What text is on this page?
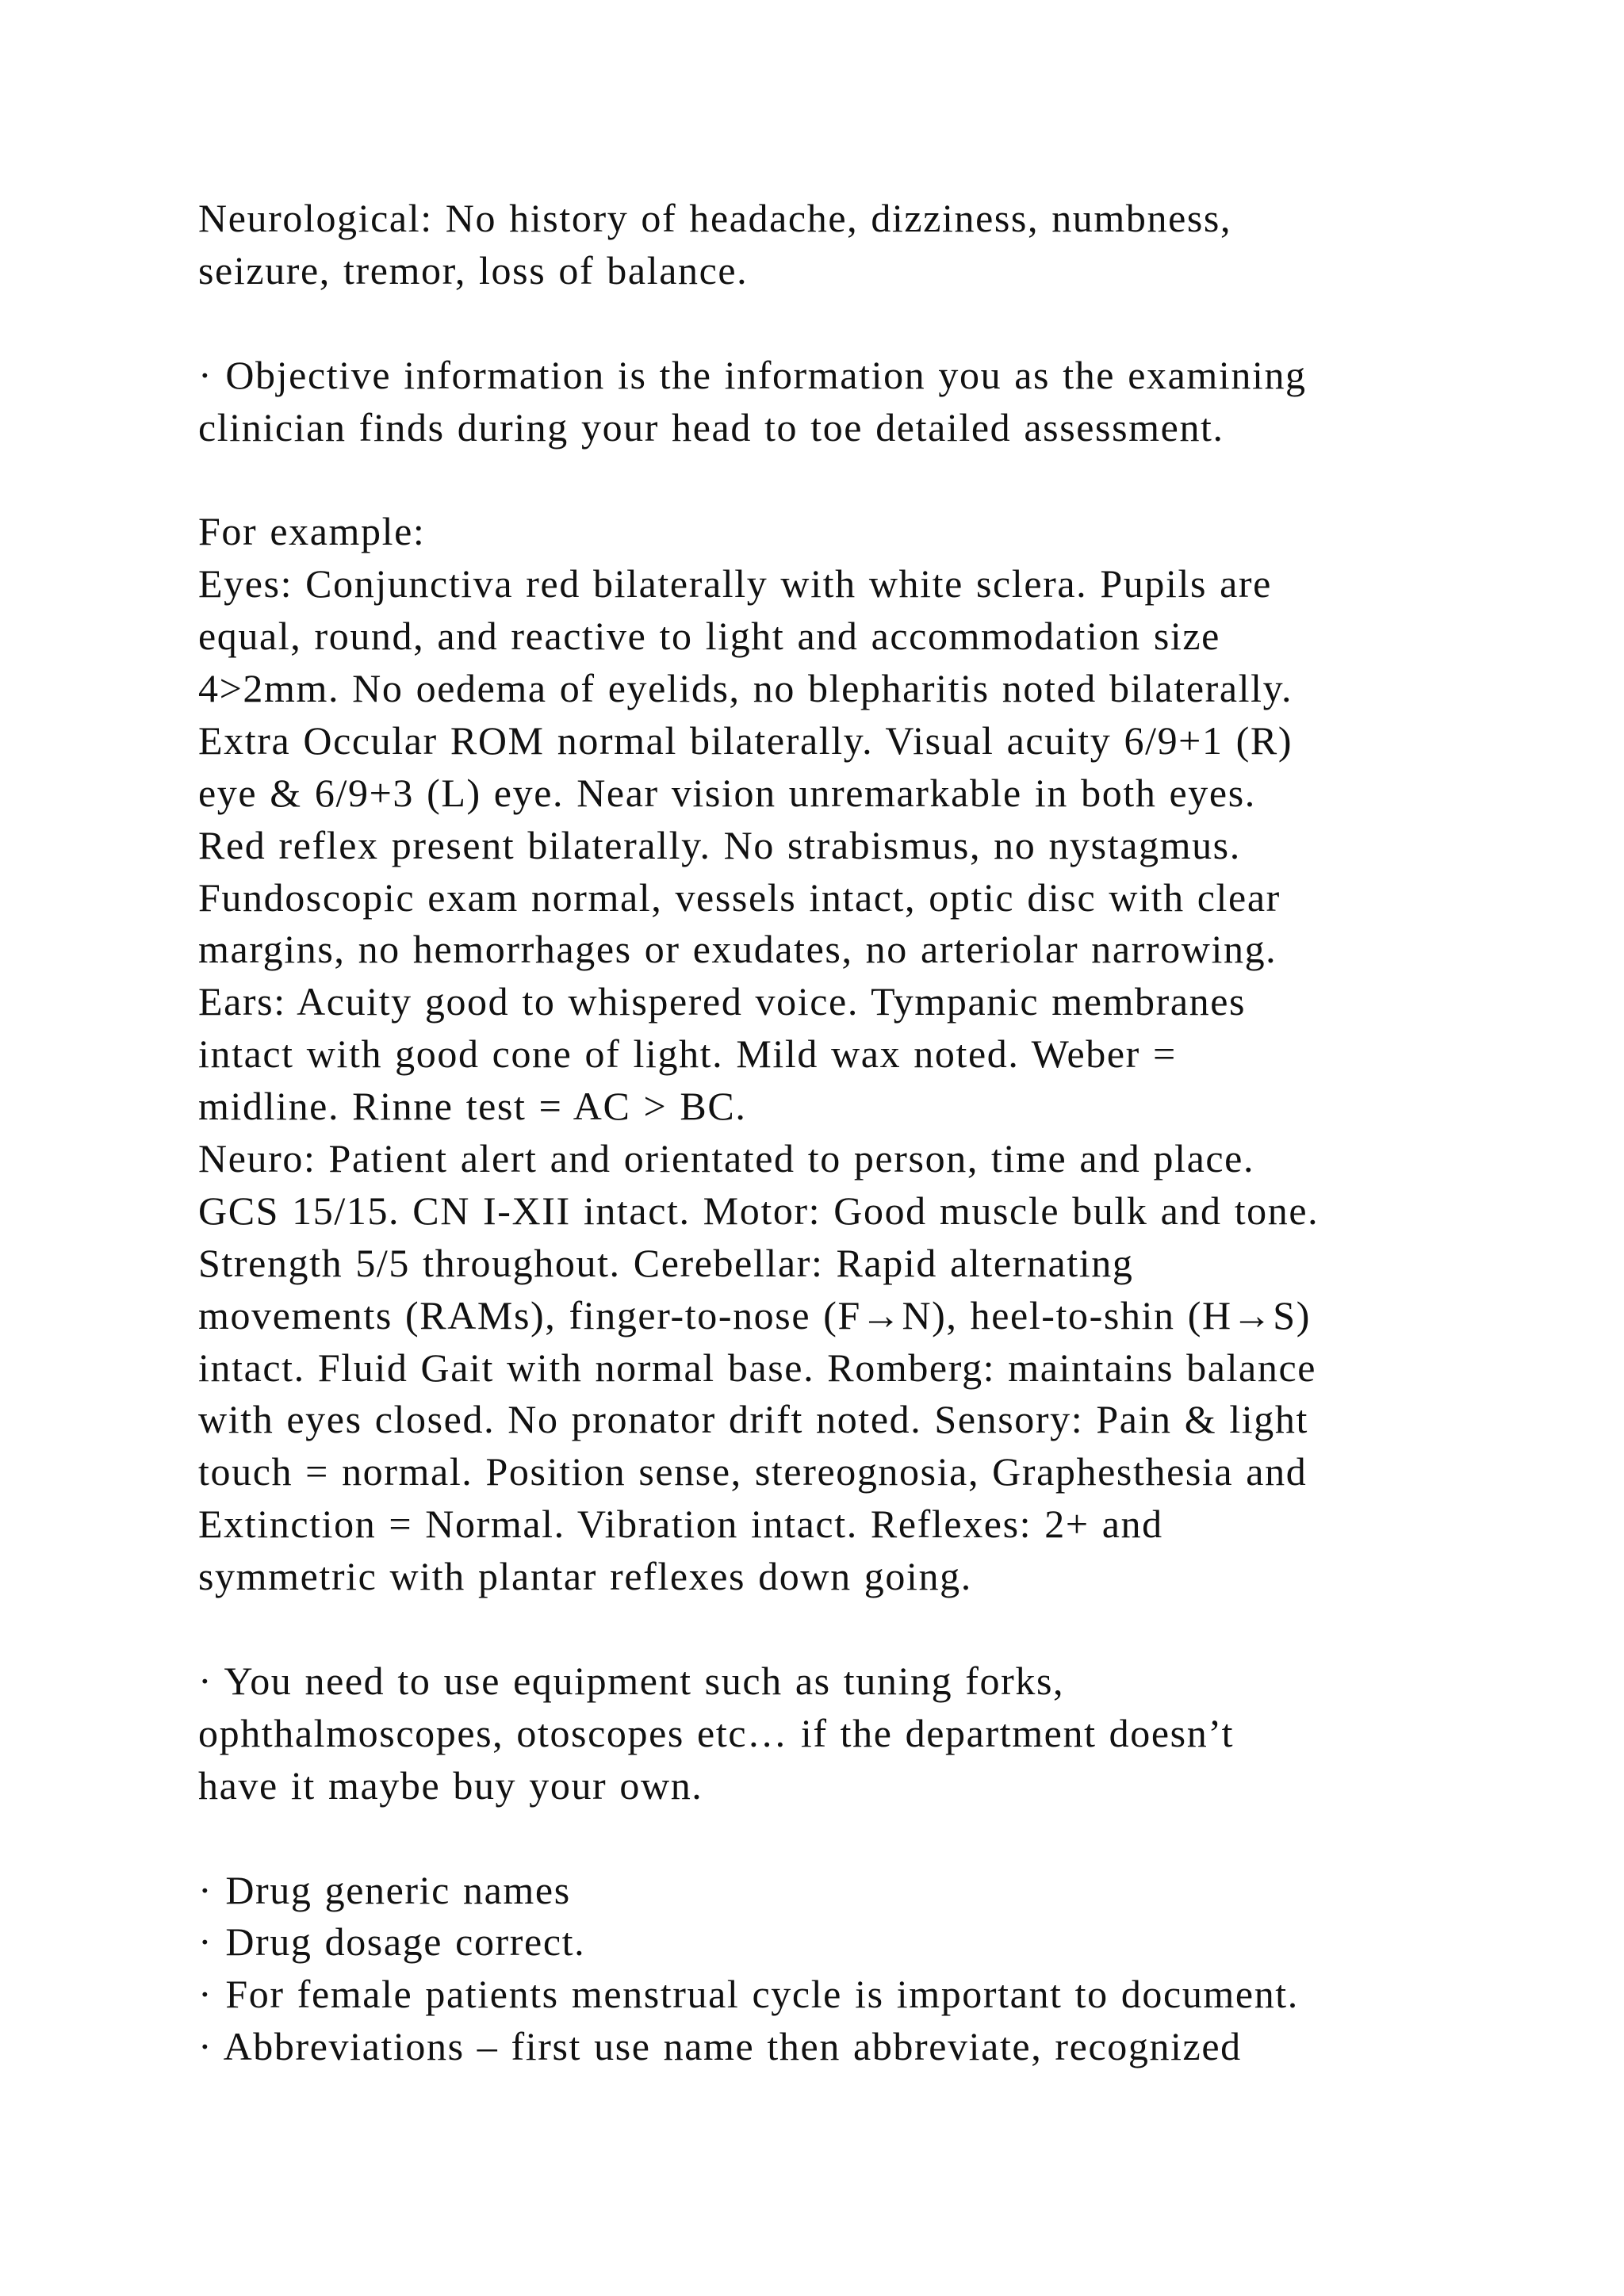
Neurological: No history of headache, dizziness, numbness,
seizure, tremor, loss of balance.
· Objective information is the information you as the examining
clinician finds during your head to toe detailed assessment.
For example:
Eyes: Conjunctiva red bilaterally with white sclera. Pupils are
equal, round, and reactive to light and accommodation size
4>2mm. No oedema of eyelids, no blepharitis noted bilaterally.
Extra Occular ROM normal bilaterally. Visual acuity 6/9+1 (R)
eye & 6/9+3 (L) eye. Near vision unremarkable in both eyes.
Red reflex present bilaterally. No strabismus, no nystagmus.
Fundoscopic exam normal, vessels intact, optic disc with clear
margins, no hemorrhages or exudates, no arteriolar narrowing.
Ears: Acuity good to whispered voice. Tympanic membranes
intact with good cone of light. Mild wax noted. Weber =
midline. Rinne test = AC > BC.
Neuro: Patient alert and orientated to person, time and place.
GCS 15/15. CN I-XII intact. Motor: Good muscle bulk and tone.
Strength 5/5 throughout. Cerebellar: Rapid alternating
movements (RAMs), finger-to-nose (F→N), heel-to-shin (H→S)
intact. Fluid Gait with normal base. Romberg: maintains balance
with eyes closed. No pronator drift noted. Sensory: Pain & light
touch = normal. Position sense, stereognosia, Graphesthesia and
Extinction = Normal. Vibration intact. Reflexes: 2+ and
symmetric with plantar reflexes down going.
· You need to use equipment such as tuning forks,
ophthalmoscopes, otoscopes etc… if the department doesn’t
have it maybe buy your own.
· Drug generic names
· Drug dosage correct.
· For female patients menstrual cycle is important to document.
· Abbreviations – first use name then abbreviate, recognized
